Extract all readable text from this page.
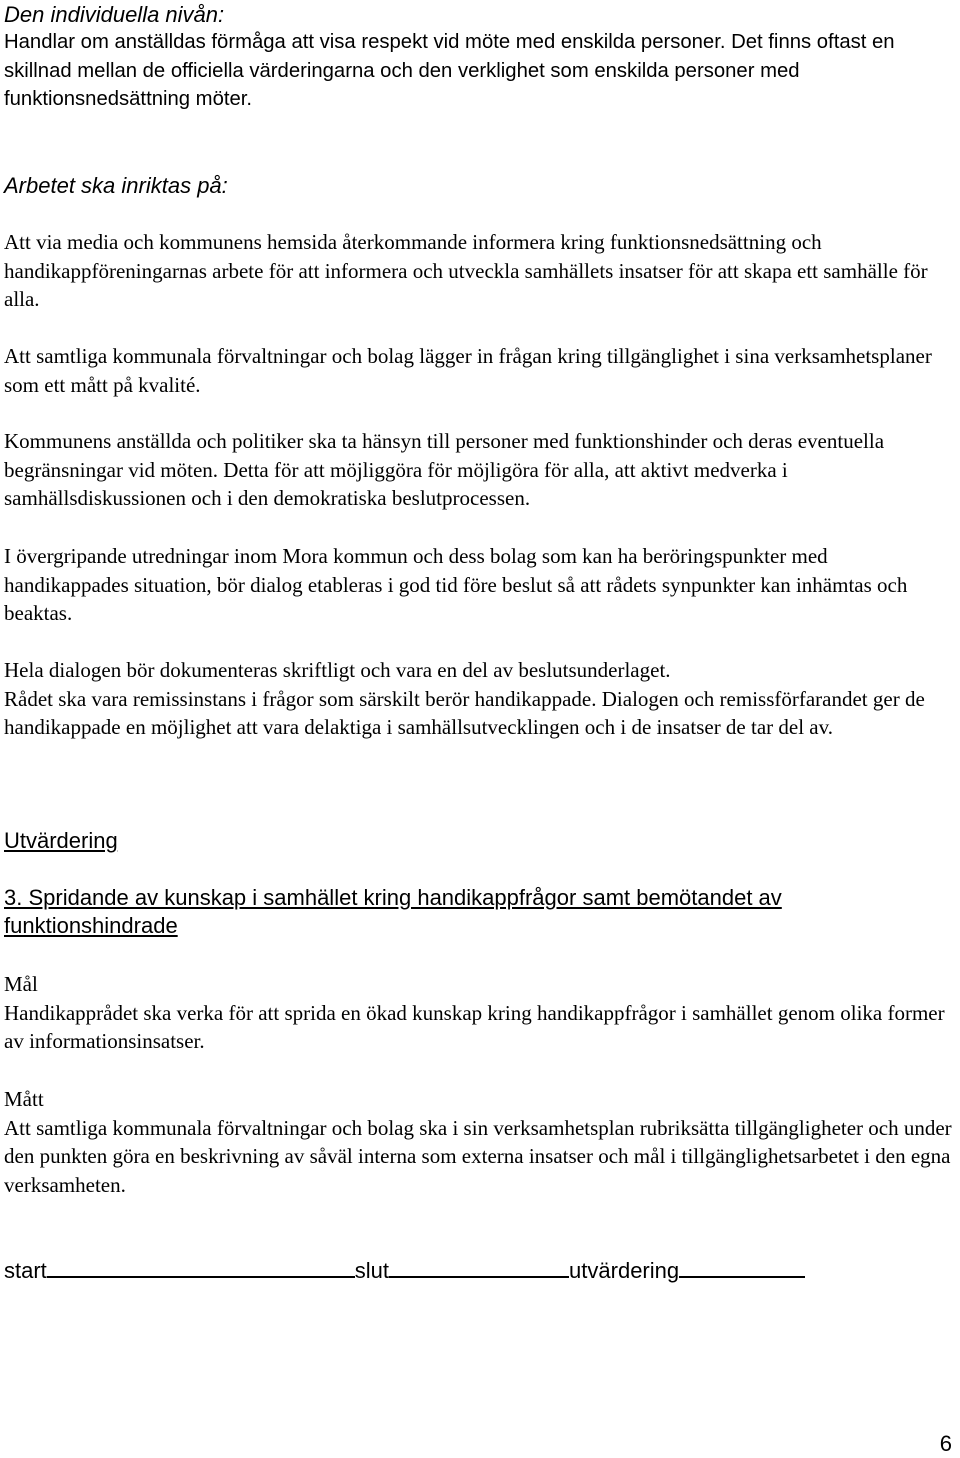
Den individuella nivån:

Handlar om anställdas förmåga att visa respekt vid möte med enskilda personer. Det finns oftast en skillnad mellan de officiella värderingarna och den verklighet som enskilda personer med funktionsnedsättning möter.

Arbetet ska inriktas på:

Att via media och kommunens hemsida återkommande informera kring funktionsnedsättning och handikappföreningarnas arbete för att informera och utveckla samhällets insatser för att skapa ett samhälle för alla.

Att samtliga kommunala förvaltningar och bolag lägger in frågan kring tillgänglighet i sina verksamhetsplaner som ett mått på kvalité.

Kommunens anställda och politiker ska ta hänsyn till personer med funktionshinder och deras eventuella begränsningar vid möten. Detta för att möjliggöra för möjligöra för alla, att aktivt medverka i samhällsdiskussionen och i den demokratiska beslutprocessen.

I övergripande utredningar inom Mora kommun och dess bolag som kan ha beröringspunkter med handikappades situation, bör dialog etableras i god tid före beslut så att rådets synpunkter kan inhämtas och beaktas.

Hela dialogen bör dokumenteras skriftligt och vara en del av beslutsunderlaget.
Rådet ska vara remissinstans i frågor som särskilt berör handikappade. Dialogen och remissförfarandet ger de handikappade en möjlighet att vara delaktiga i samhällsutvecklingen och i de insatser de tar del av.
Utvärdering
3. Spridande av kunskap i samhället kring handikappfrågor samt bemötandet av funktionshindrade
Mål
Handikapprådet ska verka för att sprida en ökad kunskap kring handikappfrågor i samhället genom olika former av informationsinsatser.
Mått
Att samtliga kommunala förvaltningar och bolag ska i sin verksamhetsplan rubriksätta tillgängligheter och under den punkten göra en beskrivning av såväl interna som externa insatser och mål i tillgänglighetsarbetet i den egna verksamheten.
start	slut	utvärdering
6
